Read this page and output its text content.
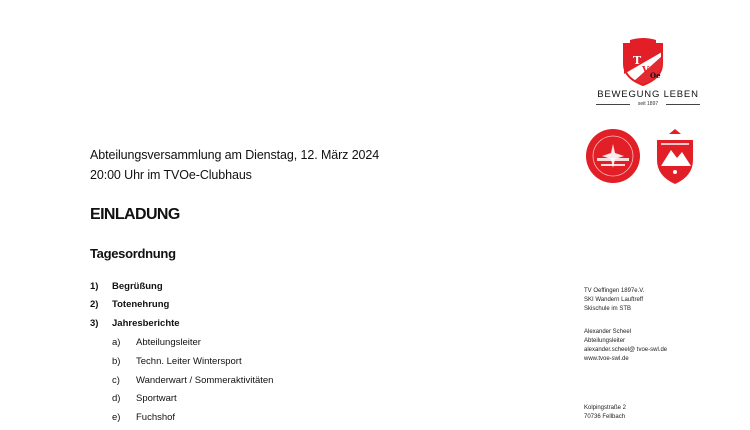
T
V Oe
BEWEGUNG LEBEN
seit 1897
Abteilungsversammlung am Dienstag, 12. März 2024
20:00 Uhr im TVOe-Clubhaus
EINLADUNG
Tagesordnung
1) Begrüßung
2) Totenehrung
3) Jahresberichte
a) Abteilungsleiter
b) Techn. Leiter Wintersport
c) Wanderwart / Sommeraktivitäten
d) Sportwart
e) Fuchshof
TV Oeffingen 1897e.V.
SKI Wandern Lauftreff
Skischule im STB
Alexander Scheel
Abteilungsleiter
alexander.scheel@ tvoe-swl.de
www.tvoe-swl.de
Kolpingstraße 2
70736 Fellbach
